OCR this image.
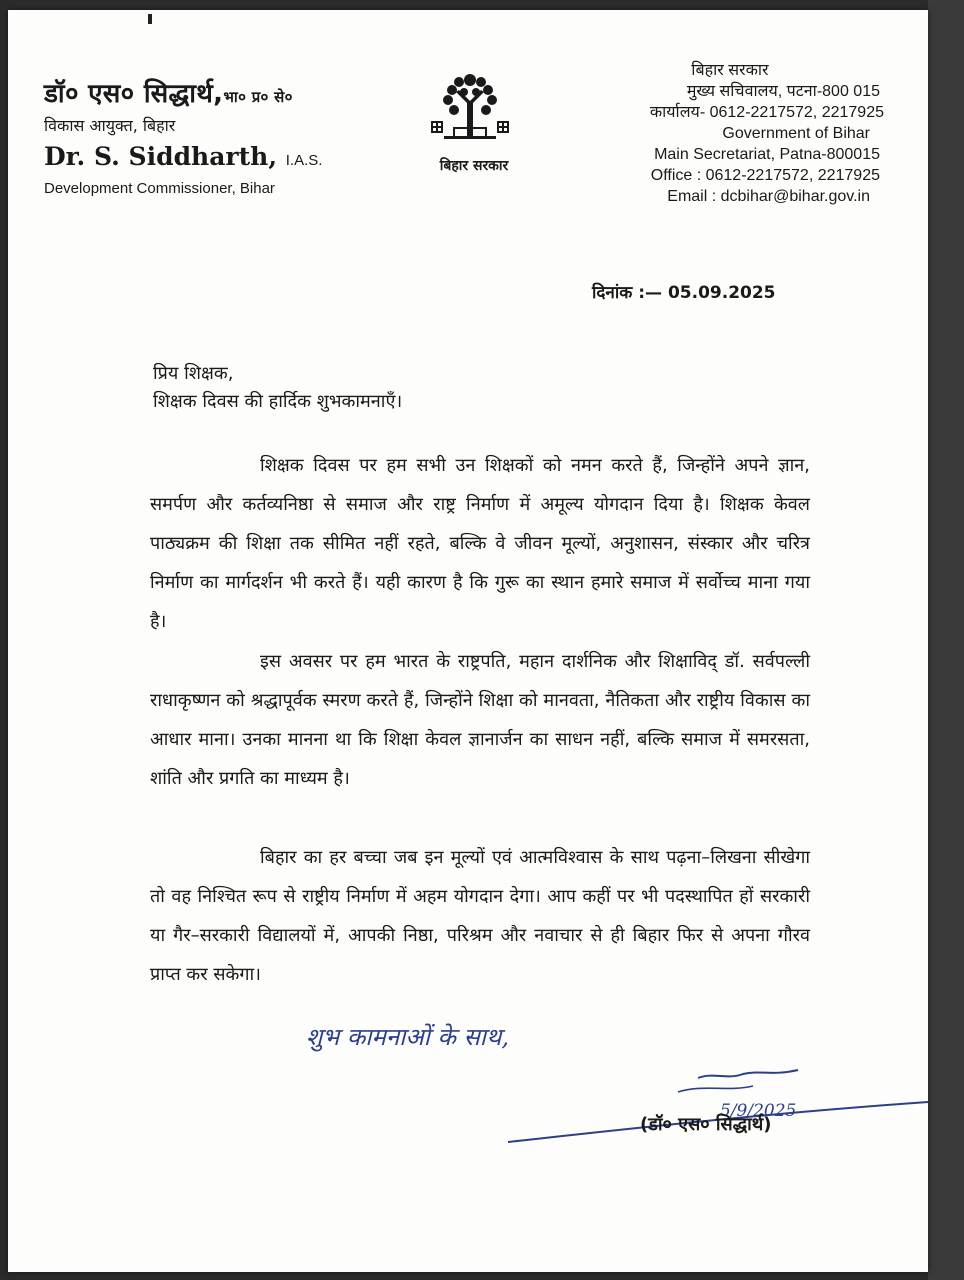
डॉ० एस० सिद्धार्थ,भा० प्र० से०
विकास आयुक्त, बिहार
Dr. S. Siddharth, I.A.S.
Development Commissioner, Bihar
बिहार सरकार
बिहार सरकार
मुख्य सचिवालय, पटना-800 015
कार्यालय- 0612-2217572, 2217925
Government of Bihar
Main Secretariat, Patna-800015
Office : 0612-2217572, 2217925
Email : dcbihar@bihar.gov.in
दिनांक :— 05.09.2025
प्रिय शिक्षक,
शिक्षक दिवस की हार्दिक शुभकामनाएँ।

शिक्षक दिवस पर हम सभी उन शिक्षकों को नमन करते हैं, जिन्होंने अपने ज्ञान, समर्पण और कर्तव्यनिष्ठा से समाज और राष्ट्र निर्माण में अमूल्य योगदान दिया है। शिक्षक केवल पाठ्यक्रम की शिक्षा तक सीमित नहीं रहते, बल्कि वे जीवन मूल्यों, अनुशासन, संस्कार और चरित्र निर्माण का मार्गदर्शन भी करते हैं। यही कारण है कि गुरू का स्थान हमारे समाज में सर्वोच्च माना गया है।

इस अवसर पर हम भारत के राष्ट्रपति, महान दार्शनिक और शिक्षाविद् डॉ. सर्वपल्ली राधाकृष्णन को श्रद्धापूर्वक स्मरण करते हैं, जिन्होंने शिक्षा को मानवता, नैतिकता और राष्ट्रीय विकास का आधार माना। उनका मानना था कि शिक्षा केवल ज्ञानार्जन का साधन नहीं, बल्कि समाज में समरसता, शांति और प्रगति का माध्यम है।

बिहार का हर बच्चा जब इन मूल्यों एवं आत्मविश्वास के साथ पढ़ना–लिखना सीखेगा तो वह निश्चित रूप से राष्ट्रीय निर्माण में अहम योगदान देगा। आप कहीं पर भी पदस्थापित हों सरकारी या गैर–सरकारी विद्यालयों में, आपकी निष्ठा, परिश्रम और नवाचार से ही बिहार फिर से अपना गौरव प्राप्त कर सकेगा।

शुभ कामनाओं के साथ,
5/9/2025
(डॉ० एस० सिद्धार्थ)
